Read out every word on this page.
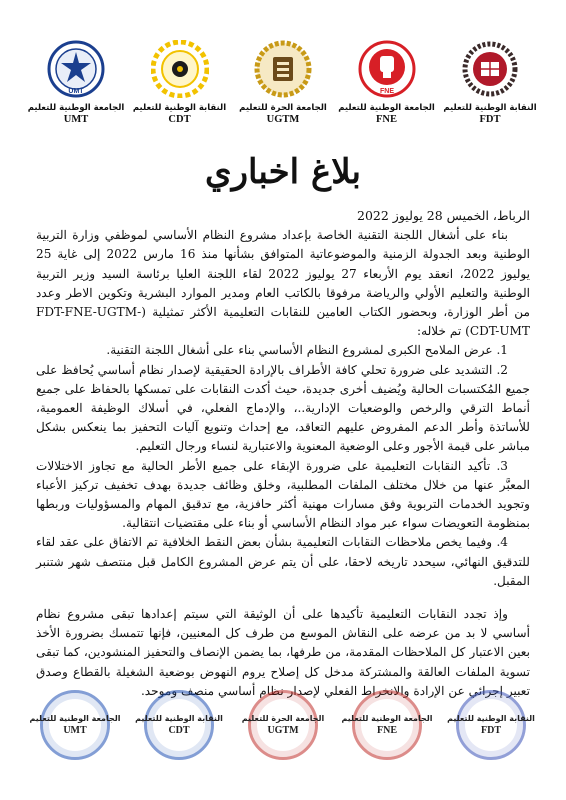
UMT
الجامعة الوطنية للتعليم
UMT
النقابة الوطنية للتعليم
CDT
الجامعة الحرة للتعليم
UGTM
FNE
الجامعة الوطنية للتعليم
FNE
النقابة الوطنية للتعليم
FDT
بلاغ اخباري

الرباط، الخميس 28 يوليوز 2022

بناء على أشغال اللجنة التقنية الخاصة بإعداد مشروع النظام الأساسي لموظفي وزارة التربية الوطنية وبعد الجدولة الزمنية والموضوعاتية المتوافق بشأنها منذ 16 مارس 2022 إلى غاية 25 يوليوز 2022، انعقد يوم الأربعاء 27 يوليوز 2022 لقاء اللجنة العليا برئاسة السيد وزير التربية الوطنية والتعليم الأولي والرياضة مرفوقا بالكاتب العام ومدير الموارد البشرية وتكوين الاطر وعدد من أطر الوزارة، وبحضور الكتاب العامين للنقابات التعليمية الأكثر تمثيلية (FDT-FNE-UGTM-CDT-UMT) تم خلاله:

1. عرض الملامح الكبرى لمشروع النظام الأساسي بناء على أشغال اللجنة التقنية.

2. التشديد على ضرورة تحلي كافة الأطراف بالإرادة الحقيقية لإصدار نظام أساسي يُحافظ على جميع المُكتسبات الحالية ويُضيف أخرى جديدة، حيث أكدت النقابات على تمسكها بالحفاظ على جميع أنماط الترقي والرخص والوضعيات الإدارية..، والإدماج الفعلي، في أسلاك الوظيفة العمومية، للأساتذة وأطر الدعم المفروض عليهم التعاقد، مع إحداث وتنويع آليات التحفيز بما ينعكس بشكل مباشر على قيمة الأجور وعلى الوضعية المعنوية والاعتبارية لنساء ورجال التعليم.

3. تأكيد النقابات التعليمية على ضرورة الإبقاء على جميع الأطر الحالية مع تجاوز الاختلالات المعبَّر عنها من خلال مختلف الملفات المطلبية، وخلق وظائف جديدة بهدف تخفيف تركيز الأعباء وتجويد الخدمات التربوية وفق مسارات مهنية أكثر حافزية، مع تدقيق المهام والمسؤوليات وربطها بمنظومة التعويضات سواء عبر مواد النظام الأساسي أو بناء على مقتضيات انتقالية.

4. وفيما يخص ملاحظات النقابات التعليمية بشأن بعض النقط الخلافية تم الاتفاق على عقد لقاء للتدقيق النهائي، سيحدد تاريخه لاحقا، على أن يتم عرض المشروع الكامل قبل منتصف شهر شتنبر المقبل.

وإذ تجدد النقابات التعليمية تأكيدها على أن الوثيقة التي سيتم إعدادها تبقى مشروع نظام أساسي لا بد من عرضه على النقاش الموسع من طرف كل المعنيين، فإنها تتمسك بضرورة الأخذ بعين الاعتبار كل الملاحظات المقدمة، من طرفها، بما يضمن الإنصاف والتحفيز المنشودين، كما تبقى تسوية الملفات العالقة والمشتركة مدخل كل إصلاح يروم النهوض بوضعية الشغيلة بالقطاع وصدق تعبير إجرائي عن الإرادة والانخراط الفعلي لإصدار نظام أساسي منصف وموحد.

الجامعة الوطنية للتعليم
UMT
النقابة الوطنية للتعليم
CDT
الجامعة الحرة للتعليم
UGTM
الجامعة الوطنية للتعليم
FNE
النقابة الوطنية للتعليم
FDT
